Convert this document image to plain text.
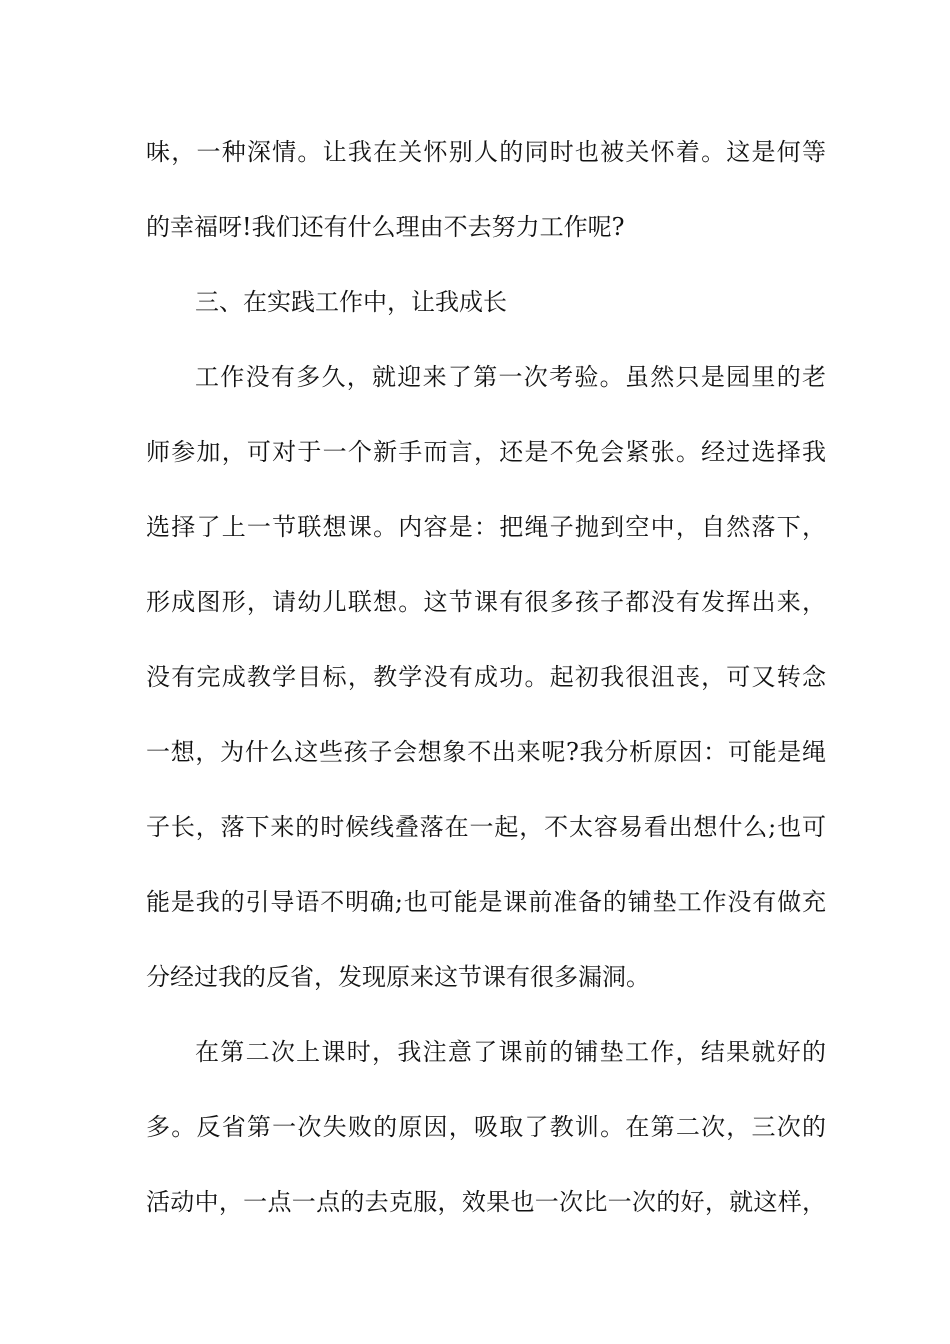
味，一种深情。让我在关怀别人的同时也被关怀着。这是何等
的幸福呀!我们还有什么理由不去努力工作呢?
三、在实践工作中，让我成长
工作没有多久，就迎来了第一次考验。虽然只是园里的老
师参加，可对于一个新手而言，还是不免会紧张。经过选择我
选择了上一节联想课。内容是：把绳子抛到空中，自然落下，
形成图形，请幼儿联想。这节课有很多孩子都没有发挥出来，
没有完成教学目标，教学没有成功。起初我很沮丧，可又转念
一想，为什么这些孩子会想象不出来呢?我分析原因：可能是绳
子长，落下来的时候线叠落在一起，不太容易看出想什么;也可
能是我的引导语不明确;也可能是课前准备的铺垫工作没有做充
分经过我的反省，发现原来这节课有很多漏洞。
在第二次上课时，我注意了课前的铺垫工作，结果就好的
多。反省第一次失败的原因，吸取了教训。在第二次，三次的
活动中，一点一点的去克服，效果也一次比一次的好，就这样，
